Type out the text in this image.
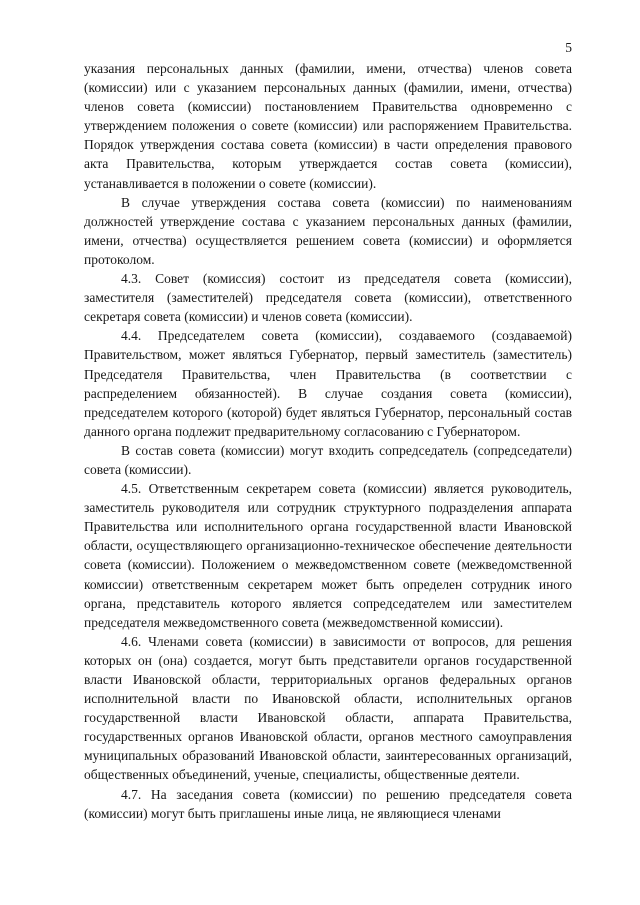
5

указания персональных данных (фамилии, имени, отчества) членов совета (комиссии) или с указанием персональных данных (фамилии, имени, отчества) членов совета (комиссии) постановлением Правительства одновременно с утверждением положения о совете (комиссии) или распоряжением Правительства. Порядок утверждения состава совета (комиссии) в части определения правового акта Правительства, которым утверждается состав совета (комиссии), устанавливается в положении о совете (комиссии).

В случае утверждения состава совета (комиссии) по наименованиям должностей утверждение состава с указанием персональных данных (фамилии, имени, отчества) осуществляется решением совета (комиссии) и оформляется протоколом.

4.3. Совет (комиссия) состоит из председателя совета (комиссии), заместителя (заместителей) председателя совета (комиссии), ответственного секретаря совета (комиссии) и членов совета (комиссии).

4.4. Председателем совета (комиссии), создаваемого (создаваемой) Правительством, может являться Губернатор, первый заместитель (заместитель) Председателя Правительства, член Правительства (в соответствии с распределением обязанностей). В случае создания совета (комиссии), председателем которого (которой) будет являться Губернатор, персональный состав данного органа подлежит предварительному согласованию с Губернатором.

В состав совета (комиссии) могут входить сопредседатель (сопредседатели) совета (комиссии).

4.5. Ответственным секретарем совета (комиссии) является руководитель, заместитель руководителя или сотрудник структурного подразделения аппарата Правительства или исполнительного органа государственной власти Ивановской области, осуществляющего организационно-техническое обеспечение деятельности совета (комиссии). Положением о межведомственном совете (межведомственной комиссии) ответственным секретарем может быть определен сотрудник иного органа, представитель которого является сопредседателем или заместителем председателя межведомственного совета (межведомственной комиссии).

4.6. Членами совета (комиссии) в зависимости от вопросов, для решения которых он (она) создается, могут быть представители органов государственной власти Ивановской области, территориальных органов федеральных органов исполнительной власти по Ивановской области, исполнительных органов государственной власти Ивановской области, аппарата Правительства, государственных органов Ивановской области, органов местного самоуправления муниципальных образований Ивановской области, заинтересованных организаций, общественных объединений, ученые, специалисты, общественные деятели.

4.7. На заседания совета (комиссии) по решению председателя совета (комиссии) могут быть приглашены иные лица, не являющиеся членами
